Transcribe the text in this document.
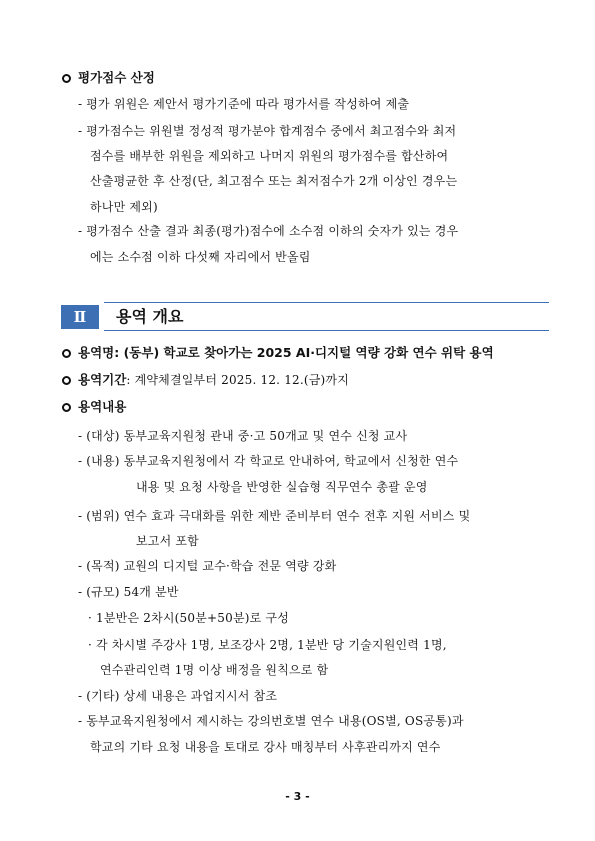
평가점수 산정
- 평가 위원은 제안서 평가기준에 따라 평가서를 작성하여 제출
- 평가점수는 위원별 정성적 평가분야 합계점수 중에서 최고점수와 최저
점수를 배부한 위원을 제외하고 나머지 위원의 평가점수를 합산하여
산출평균한 후 산정(단, 최고점수 또는 최저점수가 2개 이상인 경우는
하나만 제외)
- 평가점수 산출 결과 최종(평가)점수에 소수점 이하의 숫자가 있는 경우
에는 소수점 이하 다섯째 자리에서 반올림
Ⅱ	용역 개요
용역명: (동부) 학교로 찾아가는 2025 AI·디지털 역량 강화 연수 위탁 용역
용역기간: 계약체결일부터 2025. 12. 12.(금)까지
용역내용
- (대상) 동부교육지원청 관내 중·고 50개교 및 연수 신청 교사
- (내용) 동부교육지원청에서 각 학교로 안내하여, 학교에서 신청한 연수
내용 및 요청 사항을 반영한 실습형 직무연수 총괄 운영
- (범위) 연수 효과 극대화를 위한 제반 준비부터 연수 전후 지원 서비스 및
보고서 포함
- (목적) 교원의 디지털 교수·학습 전문 역량 강화
- (규모) 54개 분반
· 1분반은 2차시(50분+50분)로 구성
· 각 차시별 주강사 1명, 보조강사 2명, 1분반 당 기술지원인력 1명,
연수관리인력 1명 이상 배정을 원칙으로 함
- (기타) 상세 내용은 과업지시서 참조
- 동부교육지원청에서 제시하는 강의번호별 연수 내용(OS별, OS공통)과
학교의 기타 요청 내용을 토대로 강사 매칭부터 사후관리까지 연수
- 3 -
